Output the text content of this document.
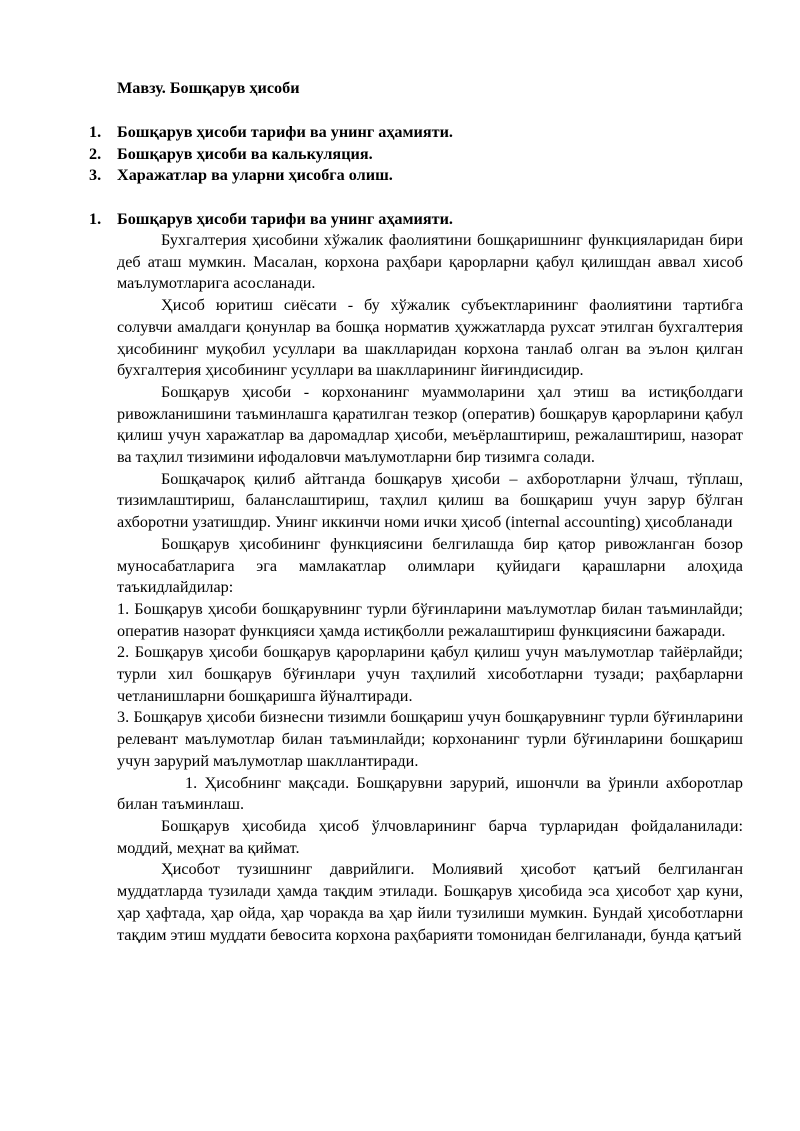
Мавзу. Бошқарув ҳисоби
1. Бошқарув ҳисоби тарифи ва унинг аҳамияти.
2. Бошқарув ҳисоби ва калькуляция.
3. Харажатлар ва уларни ҳисобга олиш.
1. Бошқарув ҳисоби тарифи ва унинг аҳамияти.

Бухгалтерия ҳисобини хўжалик фаолиятини бошқаришнинг функцияларидан бири деб аташ мумкин. Масалан, корхона раҳбари қарорларни қабул қилишдан аввал хисоб маълумотларига асосланади.

Ҳисоб юритиш сиёсати - бу хўжалик субъектларининг фаолиятини тартибга солувчи амалдаги қонунлар ва бошқа норматив ҳужжатларда рухсат этилган бухгалтерия ҳисобининг муқобил усуллари ва шаклларидан корхона танлаб олган ва эълон қилган бухгалтерия ҳисобининг усуллари ва шаклларининг йиғиндисидир.

Бошқарув ҳисоби - корхонанинг муаммоларини ҳал этиш ва истиқболдаги ривожланишини таъминлашга қаратилган тезкор (оператив) бошқарув қарорларини қабул қилиш учун харажатлар ва даромадлар ҳисоби, меъёрлаштириш, режалаштириш, назорат ва таҳлил тизимини ифодаловчи маълумотларни бир тизимга солади.

Бошқачароқ қилиб айтганда бошқарув ҳисоби – ахборотларни ўлчаш, тўплаш, тизимлаштириш, баланслаштириш, таҳлил қилиш ва бошқариш учун зарур бўлган ахборотни узатишдир. Унинг иккинчи номи ички ҳисоб (internal accounting) ҳисобланади

Бошқарув ҳисобининг функциясини белгилашда бир қатор ривожланган бозор муносабатларига эга мамлакатлар олимлари қуйидаги қарашларни алоҳида таъкидлайдилар:

1. Бошқарув ҳисоби бошқарувнинг турли бўғинларини маълумотлар билан таъминлайди; оператив назорат функцияси ҳамда истиқболли режалаштириш функциясини бажаради.

2. Бошқарув ҳисоби бошқарув қарорларини қабул қилиш учун маълумотлар тайёрлайди; турли хил бошқарув бўғинлари учун таҳлилий хисоботларни тузади; раҳбарларни четланишларни бошқаришга йўналтиради.

3. Бошқарув ҳисоби бизнесни тизимли бошқариш учун бошқарувнинг турли бўғинларини релевант маълумотлар билан таъминлайди; корхонанинг турли бўғинларини бошқариш учун зарурий маълумотлар шакллантиради.

1. Ҳисобнинг мақсади. Бошқарувни зарурий, ишончли ва ўринли ахборотлар билан таъминлаш.

Бошқарув ҳисобида ҳисоб ўлчовларининг барча турларидан фойдаланилади: моддий, меҳнат ва қиймат.

Ҳисобот тузишнинг даврийлиги. Молиявий ҳисобот қатъий белгиланган муддатларда тузилади ҳамда тақдим этилади. Бошқарув ҳисобида эса ҳисобот ҳар куни, ҳар ҳафтада, ҳар ойда, ҳар чоракда ва ҳар йили тузилиши мумкин. Бундай ҳисоботларни тақдим этиш муддати бевосита корхона раҳбарияти томонидан белгиланади, бунда қатъий
